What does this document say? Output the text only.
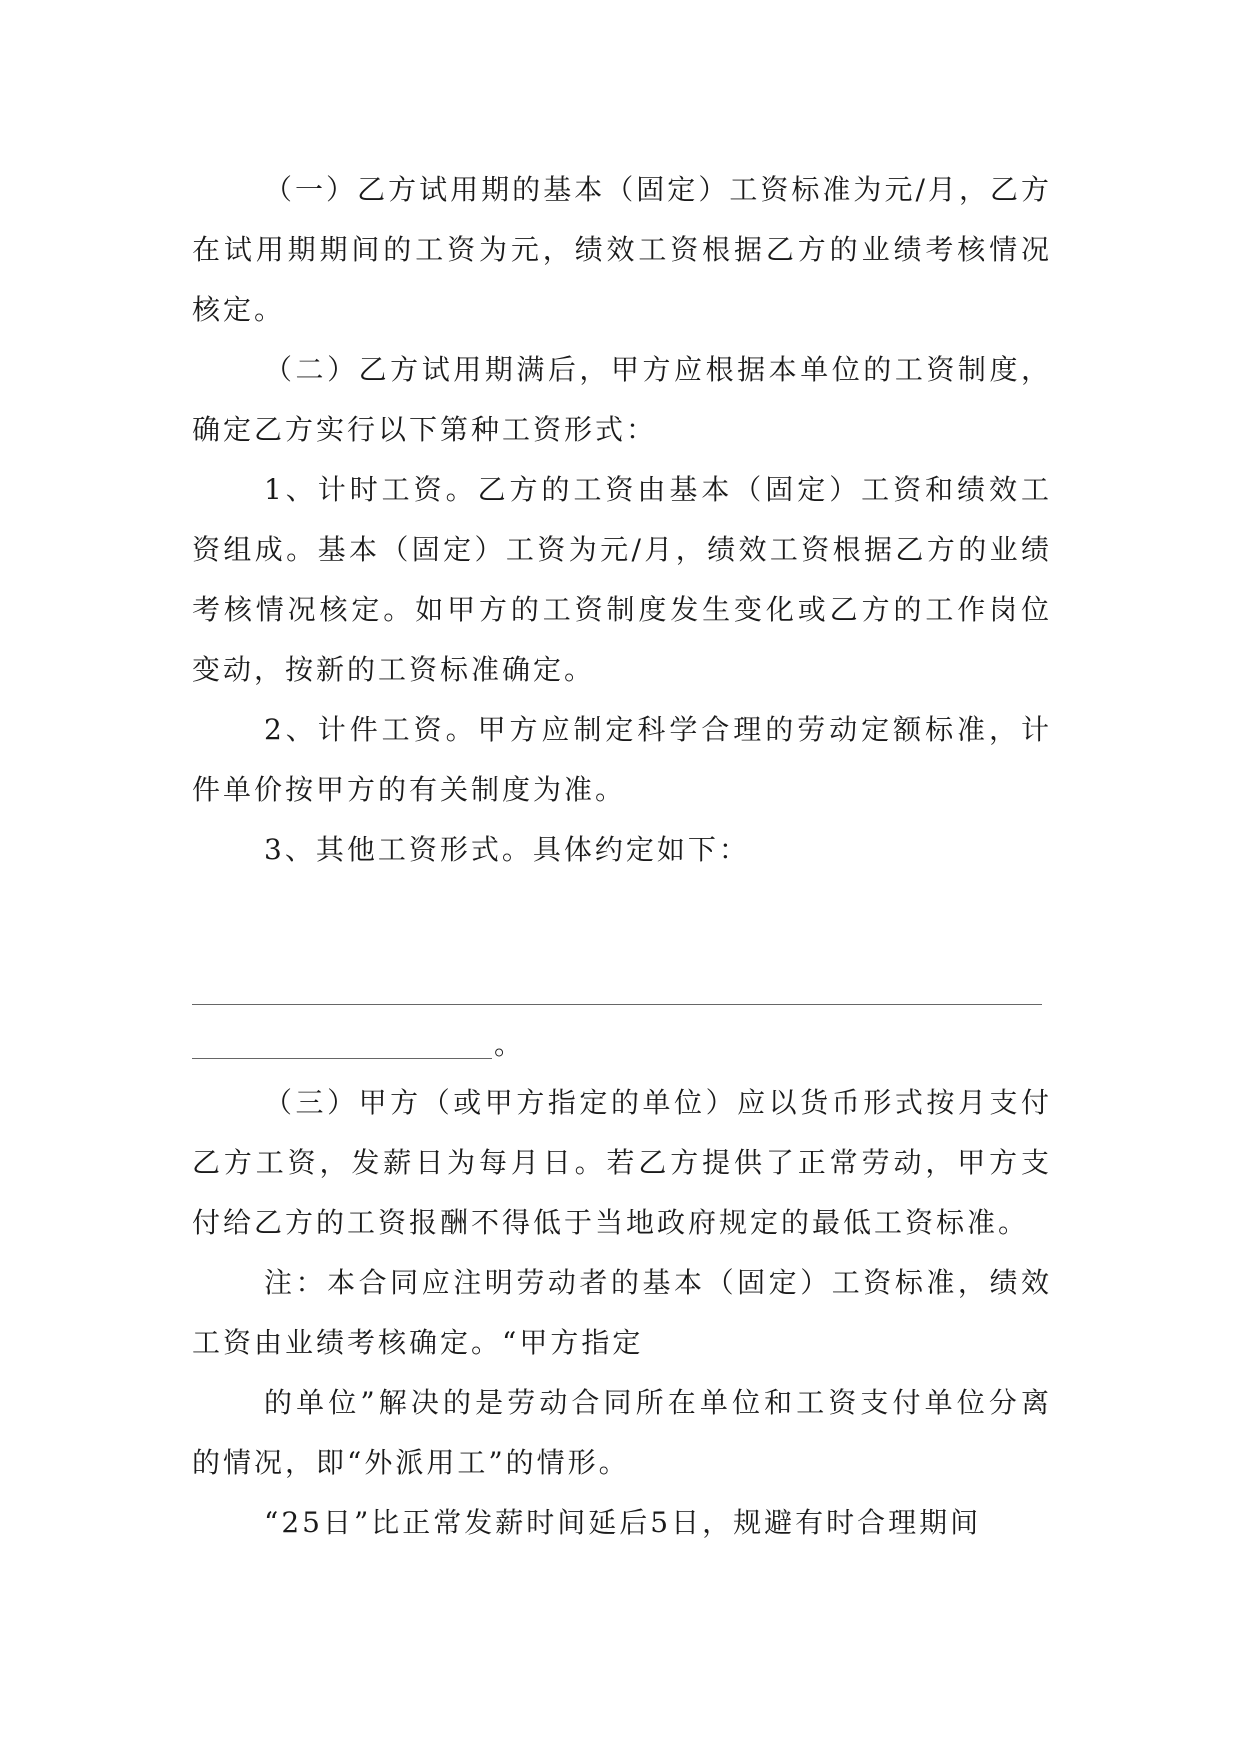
（一）乙方试用期的基本（固定）工资标准为元/月，乙方在试用期期间的工资为元，绩效工资根据乙方的业绩考核情况核定。

（二）乙方试用期满后，甲方应根据本单位的工资制度，确定乙方实行以下第种工资形式：

1、计时工资。乙方的工资由基本（固定）工资和绩效工资组成。基本（固定）工资为元/月，绩效工资根据乙方的业绩考核情况核定。如甲方的工资制度发生变化或乙方的工作岗位变动，按新的工资标准确定。

2、计件工资。甲方应制定科学合理的劳动定额标准，计件单价按甲方的有关制度为准。

3、其他工资形式。具体约定如下：

。

（三）甲方（或甲方指定的单位）应以货币形式按月支付乙方工资，发薪日为每月日。若乙方提供了正常劳动，甲方支付给乙方的工资报酬不得低于当地政府规定的最低工资标准。

注：本合同应注明劳动者的基本（固定）工资标准，绩效工资由业绩考核确定。“甲方指定

的单位”解决的是劳动合同所在单位和工资支付单位分离的情况，即“外派用工”的情形。

“25日”比正常发薪时间延后5日，规避有时合理期间
